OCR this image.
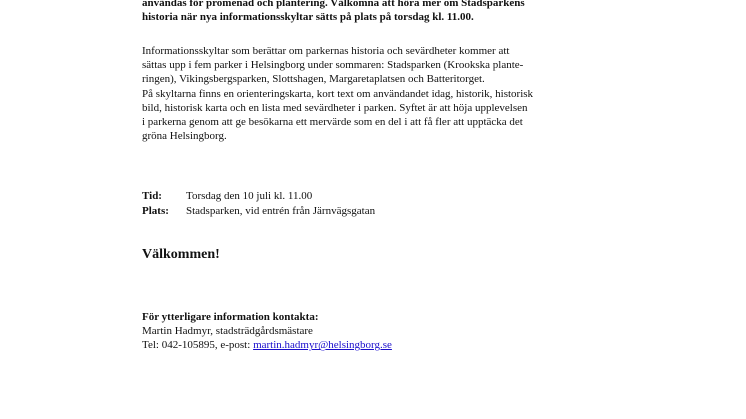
användas för promenad och plantering. Välkomna att höra mer om Stadsparkens

historia när nya informationsskyltar sätts på plats på torsdag kl. 11.00.

Informationsskyltar som berättar om parkernas historia och sevärdheter kommer att

sättas upp i fem parker i Helsingborg under sommaren: Stadsparken (Krookska plante-

ringen), Vikingsbergsparken, Slottshagen, Margaretaplatsen och Batteritorget.

På skyltarna finns en orienteringskarta, kort text om användandet idag, historik, historisk

bild, historisk karta och en lista med sevärdheter i parken. Syftet är att höja upplevelsen

i parkerna genom att ge besökarna ett mervärde som en del i att få fler att upptäcka det

gröna Helsingborg.

Tid:	Torsdag den 10 juli kl. 11.00
Plats:	Stadsparken, vid entrén från Järnvägsgatan
Välkommen!
För ytterligare information kontakta:
Martin Hadmyr, stadsträdgårdsmästare
Tel: 042-105895, e-post: martin.hadmyr@helsingborg.se
